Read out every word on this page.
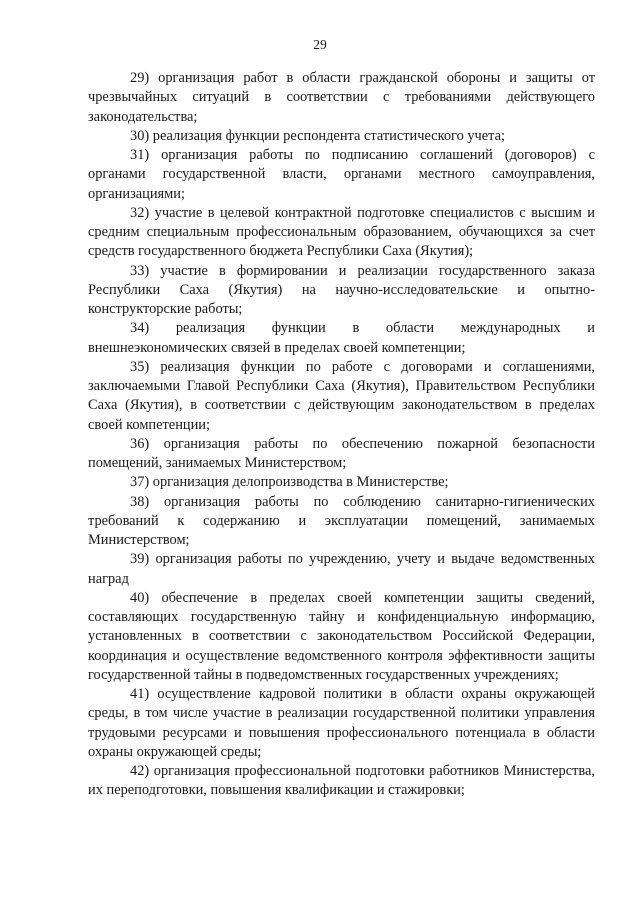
29

29) организация работ в области гражданской обороны и защиты от чрезвычайных ситуаций в соответствии с требованиями действующего законодательства;

30) реализация функции респондента статистического учета;

31) организация работы по подписанию соглашений (договоров) с органами государственной власти, органами местного самоуправления, организациями;

32) участие в целевой контрактной подготовке специалистов с высшим и средним специальным профессиональным образованием, обучающихся за счет средств государственного бюджета Республики Саха (Якутия);

33) участие в формировании и реализации государственного заказа Республики Саха (Якутия) на научно-исследовательские и опытно-конструкторские работы;

34) реализация функции в области международных и внешнеэкономических связей в пределах своей компетенции;

35) реализация функции по работе с договорами и соглашениями, заключаемыми Главой Республики Саха (Якутия), Правительством Республики Саха (Якутия), в соответствии с действующим законодательством в пределах своей компетенции;

36) организация работы по обеспечению пожарной безопасности помещений, занимаемых Министерством;

37) организация делопроизводства в Министерстве;

38) организация работы по соблюдению санитарно-гигиенических требований к содержанию и эксплуатации помещений, занимаемых Министерством;

39) организация работы по учреждению, учету и выдаче ведомственных наград

40) обеспечение в пределах своей компетенции защиты сведений, составляющих государственную тайну и конфиденциальную информацию, установленных в соответствии с законодательством Российской Федерации, координация и осуществление ведомственного контроля эффективности защиты государственной тайны в подведомственных государственных учреждениях;

41) осуществление кадровой политики в области охраны окружающей среды, в том числе участие в реализации государственной политики управления трудовыми ресурсами и повышения профессионального потенциала в области охраны окружающей среды;

42) организация профессиональной подготовки работников Министерства, их переподготовки, повышения квалификации и стажировки;
